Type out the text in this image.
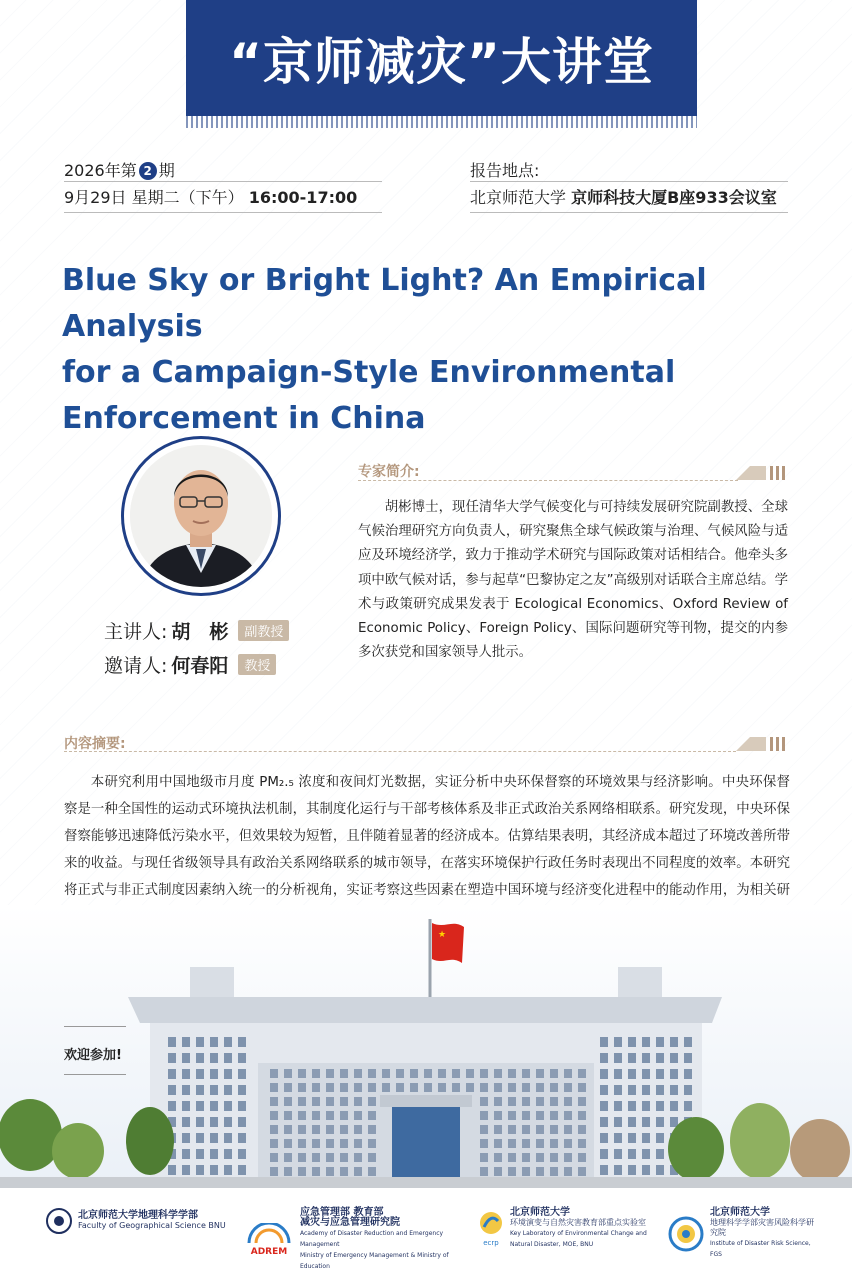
“京师减灾”大讲堂
2026年第 2 期
9月29日 星期二（下午） 16:00-17:00
报告地点:
北京师范大学 京师科技大厦B座933会议室
Blue Sky or Bright Light? An Empirical Analysis
for a Campaign-Style Environmental
Enforcement in China
主讲人: 胡　彬 副教授
邀请人: 何春阳 教授
专家简介:
胡彬博士，现任清华大学气候变化与可持续发展研究院副教授、全球气候治理研究方向负责人，研究聚焦全球气候政策与治理、气候风险与适应及环境经济学，致力于推动学术研究与国际政策对话相结合。他牵头多项中欧气候对话，参与起草“巴黎协定之友”高级别对话联合主席总结。学术与政策研究成果发表于 Ecological Economics、Oxford Review of Economic Policy、Foreign Policy、国际问题研究等刊物，提交的内参多次获党和国家领导人批示。
内容摘要:
本研究利用中国地级市月度 PM₂.₅ 浓度和夜间灯光数据，实证分析中央环保督察的环境效果与经济影响。中央环保督察是一种全国性的运动式环境执法机制，其制度化运行与干部考核体系及非正式政治关系网络相联系。研究发现，中央环保督察能够迅速降低污染水平，但效果较为短暂，且伴随着显著的经济成本。估算结果表明，其经济成本超过了环境改善所带来的收益。与现任省级领导具有政治关系网络联系的城市领导，在落实环境保护行政任务时表现出不同程度的效率。本研究将正式与非正式制度因素纳入统一的分析视角，实证考察这些因素在塑造中国环境与经济变化进程中的能动作用，为相关研
★
欢迎参加!
北京师范大学地理科学学部
Faculty of Geographical Science BNU
ADREM
应急管理部 教育部
减灾与应急管理研究院
Academy of Disaster Reduction and Emergency Management
Ministry of Emergency Management & Ministry of Education
ecrp
北京师范大学
环境演变与自然灾害教育部重点实验室
Key Laboratory of Environmental Change and Natural Disaster, MOE, BNU
北京师范大学
地理科学学部灾害风险科学研究院
Institute of Disaster Risk Science, FGS
